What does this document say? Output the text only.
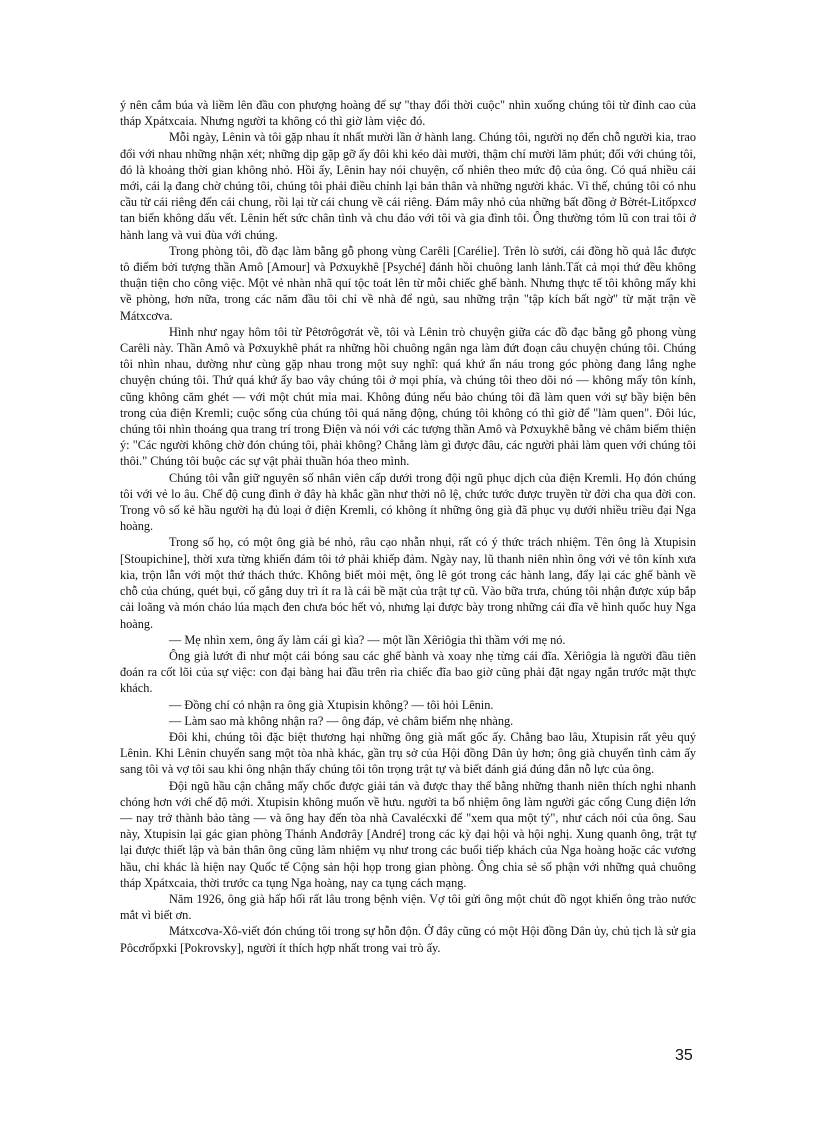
ý nên cắm búa và liềm lên đầu con phượng hoàng để sự "thay đổi thời cuộc" nhìn xuống chúng tôi từ đỉnh cao của tháp Xpátxcaia. Nhưng người ta không có thì giờ làm việc đó.

Mỗi ngày, Lênin và tôi gặp nhau ít nhất mười lần ở hành lang. Chúng tôi, người nọ đến chỗ người kia, trao đổi với nhau những nhận xét; những dịp gặp gỡ ấy đôi khi kéo dài mười, thậm chí mười lăm phút; đối với chúng tôi, đó là khoảng thời gian không nhỏ. Hồi ấy, Lênin hay nói chuyện, cố nhiên theo mức độ của ông. Có quá nhiều cái mới, cái lạ đang chờ chúng tôi, chúng tôi phải điều chỉnh lại bản thân và những người khác. Vì thế, chúng tôi có nhu cầu từ cái riêng đến cái chung, rồi lại từ cái chung về cái riêng. Đám mây nhỏ của những bất đồng ở Bờrét-Litốpxcơ tan biến không dấu vết. Lênin hết sức chân tình và chu đáo với tôi và gia đình tôi. Ông thường tóm lũ con trai tôi ở hành lang và vui đùa với chúng.

Trong phòng tôi, đồ đạc làm bằng gỗ phong vùng Carêli [Carélie]. Trên lò sưởi, cái đồng hồ quả lắc được tô điểm bởi tượng thần Amô [Amour] và Pơxuykhê [Psyché] đánh hồi chuông lanh lảnh.Tất cả mọi thứ đều không thuận tiện cho công việc. Một vẻ nhàn nhã quí tộc toát lên từ mỗi chiếc ghế bành. Nhưng thực tế tôi không mấy khi về phòng, hơn nữa, trong các năm đầu tôi chỉ về nhà để ngủ, sau những trận "tập kích bất ngờ" từ mặt trận về Mátxcơva.

Hình như ngay hôm tôi từ Pêtơrôgơrát về, tôi và Lênin trò chuyện giữa các đồ đạc bằng gỗ phong vùng Carêli này. Thần Amô và Pơxuykhê phát ra những hồi chuông ngân nga làm đứt đoạn câu chuyện chúng tôi. Chúng tôi nhìn nhau, dường như cùng gặp nhau trong một suy nghĩ: quá khứ ẩn náu trong góc phòng đang lắng nghe chuyện chúng tôi. Thứ quá khứ ấy bao vây chúng tôi ở mọi phía, và chúng tôi theo dõi nó — không mấy tôn kính, cũng không căm ghét — với một chút mỉa mai. Không đúng nếu bảo chúng tôi đã làm quen với sự bầy biện bên trong của điện Kremli; cuộc sống của chúng tôi quá năng động, chúng tôi không có thì giờ để "làm quen". Đôi lúc, chúng tôi nhìn thoáng qua trang trí trong Điện và nói với các tượng thần Amô và Pơxuykhê bằng vẻ châm biếm thiện ý: "Các người không chờ đón chúng tôi, phải không? Chẳng làm gì được đâu, các người phải làm quen với chúng tôi thôi." Chúng tôi buộc các sự vật phải thuần hóa theo mình.

Chúng tôi vẫn giữ nguyên số nhân viên cấp dưới trong đội ngũ phục dịch của điện Kremli. Họ đón chúng tôi với vẻ lo âu. Chế độ cung đình ở đây hà khắc gần như thời nô lệ, chức tước được truyền từ đời cha qua đời con. Trong vô số kẻ hầu người hạ đủ loại ở điện Kremli, có không ít những ông già đã phục vụ dưới nhiều triều đại Nga hoàng.

Trong số họ, có một ông già bé nhỏ, râu cạo nhẵn nhụi, rất có ý thức trách nhiệm. Tên ông là Xtupisin [Stoupichine], thời xưa từng khiến đám tôi tớ phải khiếp đảm. Ngày nay, lũ thanh niên nhìn ông với vẻ tôn kính xưa kia, trộn lẫn với một thứ thách thức. Không biết mỏi mệt, ông lê gót trong các hành lang, đẩy lại các ghế bành về chỗ của chúng, quét bụi, cố gắng duy trì ít ra là cái bề mặt của trật tự cũ. Vào bữa trưa, chúng tôi nhận được xúp bắp cải loãng và món cháo lúa mạch đen chưa bóc hết vỏ, nhưng lại được bày trong những cái đĩa vẽ hình quốc huy Nga hoàng.

— Mẹ nhìn xem, ông ấy làm cái gì kìa? — một lần Xêriôgia thì thầm với mẹ nó.

Ông già lướt đi như một cái bóng sau các ghế bành và xoay nhẹ từng cái đĩa. Xêriôgia là người đầu tiên đoán ra cốt lõi của sự việc: con đại bàng hai đầu trên rìa chiếc đĩa bao giờ cũng phải đặt ngay ngắn trước mặt thực khách.

— Đồng chí có nhận ra ông già Xtupisin không? — tôi hỏi Lênin.

— Làm sao mà không nhận ra? — ông đáp, vẻ châm biếm nhẹ nhàng.

Đôi khi, chúng tôi đặc biệt thương hại những ông già mất gốc ấy. Chẳng bao lâu, Xtupisin rất yêu quý Lênin. Khi Lênin chuyển sang một tòa nhà khác, gần trụ sở của Hội đồng Dân ủy hơn; ông già chuyển tình cảm ấy sang tôi và vợ tôi sau khi ông nhận thấy chúng tôi tôn trọng trật tự và biết đánh giá đúng đắn nỗ lực của ông.

Đội ngũ hầu cận chẳng mấy chốc được giải tán và được thay thế bằng những thanh niên thích nghi nhanh chóng hơn với chế độ mới. Xtupisin không muốn về hưu. người ta bổ nhiệm ông làm người gác cổng Cung điện lớn — nay trở thành bảo tàng — và ông hay đến tòa nhà Cavalécxki để "xem qua một tý", như cách nói của ông. Sau này, Xtupisin lại gác gian phòng Thánh Anđơrây [André] trong các kỳ đại hội và hội nghị. Xung quanh ông, trật tự lại được thiết lập và bản thân ông cũng làm nhiệm vụ như trong các buổi tiếp khách của Nga hoàng hoặc các vương hầu, chỉ khác là hiện nay Quốc tế Cộng sản hội họp trong gian phòng. Ông chia sẻ số phận với những quả chuông tháp Xpátxcaia, thời trước ca tụng Nga hoàng, nay ca tụng cách mạng.

Năm 1926, ông già hấp hối rất lâu trong bệnh viện. Vợ tôi gửi ông một chút đồ ngọt khiến ông trào nước mắt vì biết ơn.

Mátxcơva-Xô-viết đón chúng tôi trong sự hỗn độn. Ở đây cũng có một Hội đồng Dân ủy, chủ tịch là sử gia Pôcơrốpxki [Pokrovsky], người ít thích hợp nhất trong vai trò ấy.

35
